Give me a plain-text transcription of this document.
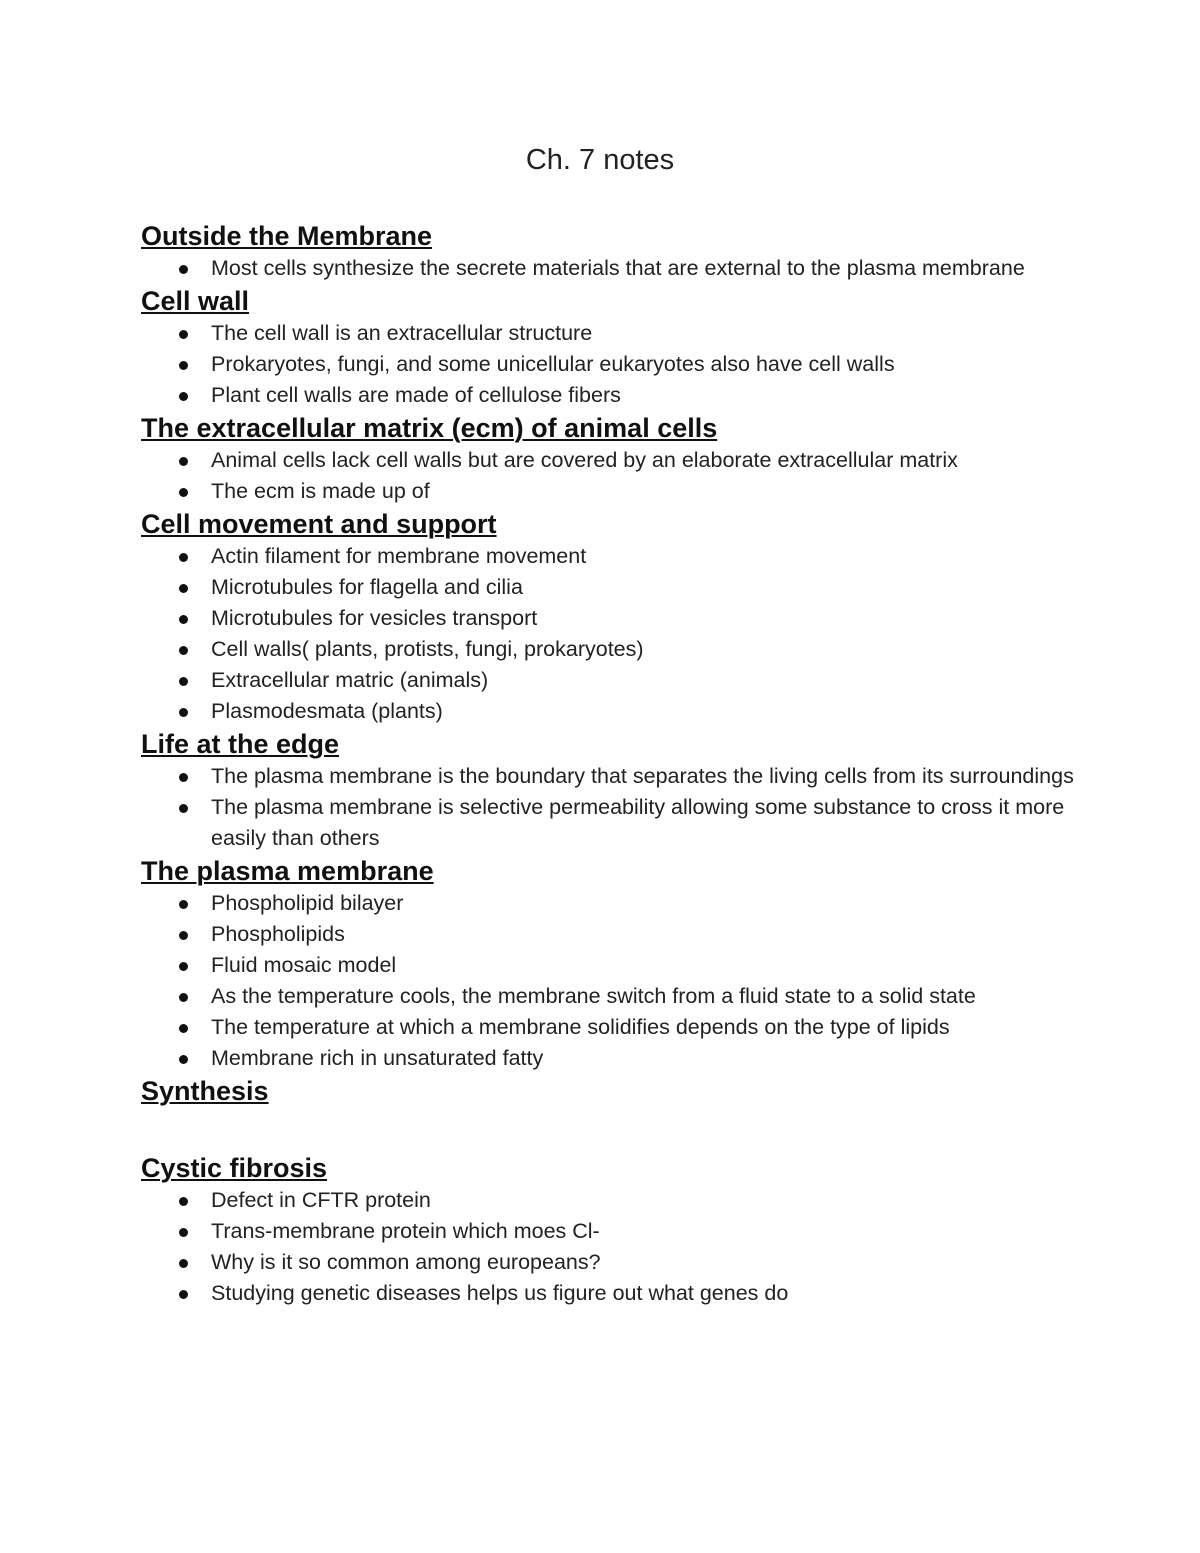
Ch. 7 notes
Outside the Membrane
Most cells synthesize the secrete materials that are external to the plasma membrane
Cell wall
The cell wall is an extracellular structure
Prokaryotes, fungi, and some unicellular eukaryotes also have cell walls
Plant cell walls are made of cellulose fibers
The extracellular matrix (ecm) of animal cells
Animal cells lack cell walls but are covered by an elaborate extracellular matrix
The ecm is made up of
Cell movement and support
Actin filament for membrane movement
Microtubules for flagella and cilia
Microtubules for vesicles transport
Cell walls( plants, protists, fungi, prokaryotes)
Extracellular matric (animals)
Plasmodesmata (plants)
Life at the edge
The plasma membrane is the boundary that separates the living cells from its surroundings
The plasma membrane is selective permeability allowing some substance to cross it more easily than others
The plasma membrane
Phospholipid bilayer
Phospholipids
Fluid mosaic model
As the temperature cools, the membrane switch from a fluid state to a solid state
The temperature at which a membrane solidifies depends on the type of lipids
Membrane rich in unsaturated fatty
Synthesis
Cystic fibrosis
Defect in CFTR protein
Trans-membrane protein which moes Cl-
Why is it so common among europeans?
Studying genetic diseases helps us figure out what genes do
